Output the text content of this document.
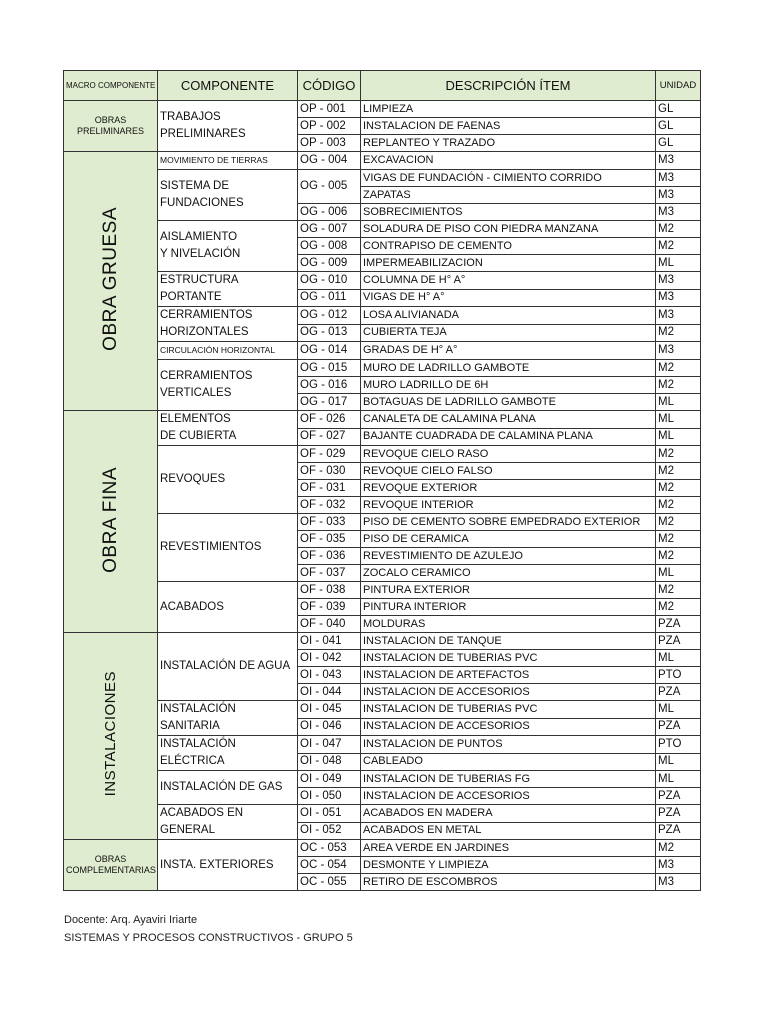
MACRO COMPONENTE	COMPONENTE	CÓDIGO	DESCRIPCIÓN ÍTEM	UNIDAD
OBRAS PRELIMINARES	TRABAJOS PRELIMINARES	OP - 001	LIMPIEZA	GL
		OP - 002	INSTALACION DE FAENAS	GL
		OP - 003	REPLANTEO Y TRAZADO	GL
OBRA GRUESA	MOVIMIENTO DE TIERRAS	OG - 004	EXCAVACION	M3
	SISTEMA DE FUNDACIONES	OG - 005	VIGAS DE FUNDACIÓN - CIMIENTO CORRIDO	M3
			ZAPATAS	M3
		OG - 006	SOBRECIMIENTOS	M3
	AISLAMIENTO Y NIVELACIÓN	OG - 007	SOLADURA DE PISO CON PIEDRA MANZANA	M2
		OG - 008	CONTRAPISO DE CEMENTO	M2
		OG - 009	IMPERMEABILIZACION	ML
	ESTRUCTURA PORTANTE	OG - 010	COLUMNA DE H° A°	M3
		OG - 011	VIGAS DE H° A°	M3
	CERRAMIENTOS HORIZONTALES	OG - 012	LOSA ALIVIANADA	M3
		OG - 013	CUBIERTA TEJA	M2
	CIRCULACIÓN HORIZONTAL	OG - 014	GRADAS DE H° A°	M3
	CERRAMIENTOS VERTICALES	OG - 015	MURO DE LADRILLO GAMBOTE	M2
		OG - 016	MURO LADRILLO DE 6H	M2
		OG - 017	BOTAGUAS DE LADRILLO GAMBOTE	ML
OBRA FINA	ELEMENTOS DE CUBIERTA	OF - 026	CANALETA DE CALAMINA PLANA	ML
		OF - 027	BAJANTE CUADRADA DE CALAMINA PLANA	ML
	REVOQUES	OF - 029	REVOQUE CIELO RASO	M2
		OF - 030	REVOQUE CIELO FALSO	M2
		OF - 031	REVOQUE EXTERIOR	M2
		OF - 032	REVOQUE INTERIOR	M2
	REVESTIMIENTOS	OF - 033	PISO DE CEMENTO SOBRE EMPEDRADO EXTERIOR	M2
		OF - 035	PISO DE CERAMICA	M2
		OF - 036	REVESTIMIENTO DE AZULEJO	M2
		OF - 037	ZOCALO CERAMICO	ML
	ACABADOS	OF - 038	PINTURA EXTERIOR	M2
		OF - 039	PINTURA INTERIOR	M2
		OF - 040	MOLDURAS	PZA
INSTALACIONES	INSTALACIÓN DE AGUA	OI - 041	INSTALACION DE TANQUE	PZA
		OI - 042	INSTALACION DE TUBERIAS PVC	ML
		OI - 043	INSTALACION DE ARTEFACTOS	PTO
		OI - 044	INSTALACION DE ACCESORIOS	PZA
	INSTALACIÓN SANITARIA	OI - 045	INSTALACION DE TUBERIAS PVC	ML
		OI - 046	INSTALACION DE ACCESORIOS	PZA
	INSTALACIÓN ELÉCTRICA	OI - 047	INSTALACION DE PUNTOS	PTO
		OI - 048	CABLEADO	ML
	INSTALACIÓN DE GAS	OI - 049	INSTALACION DE TUBERIAS FG	ML
		OI - 050	INSTALACION DE ACCESORIOS	PZA
	ACABADOS EN GENERAL	OI - 051	ACABADOS EN MADERA	PZA
		OI - 052	ACABADOS EN METAL	PZA
OBRAS COMPLEMENTARIAS	INSTA. EXTERIORES	OC - 053	AREA VERDE EN JARDINES	M2
		OC - 054	DESMONTE Y LIMPIEZA	M3
		OC - 055	RETIRO DE ESCOMBROS	M3
Docente: Arq. Ayaviri Iriarte
SISTEMAS Y PROCESOS CONSTRUCTIVOS - GRUPO 5
